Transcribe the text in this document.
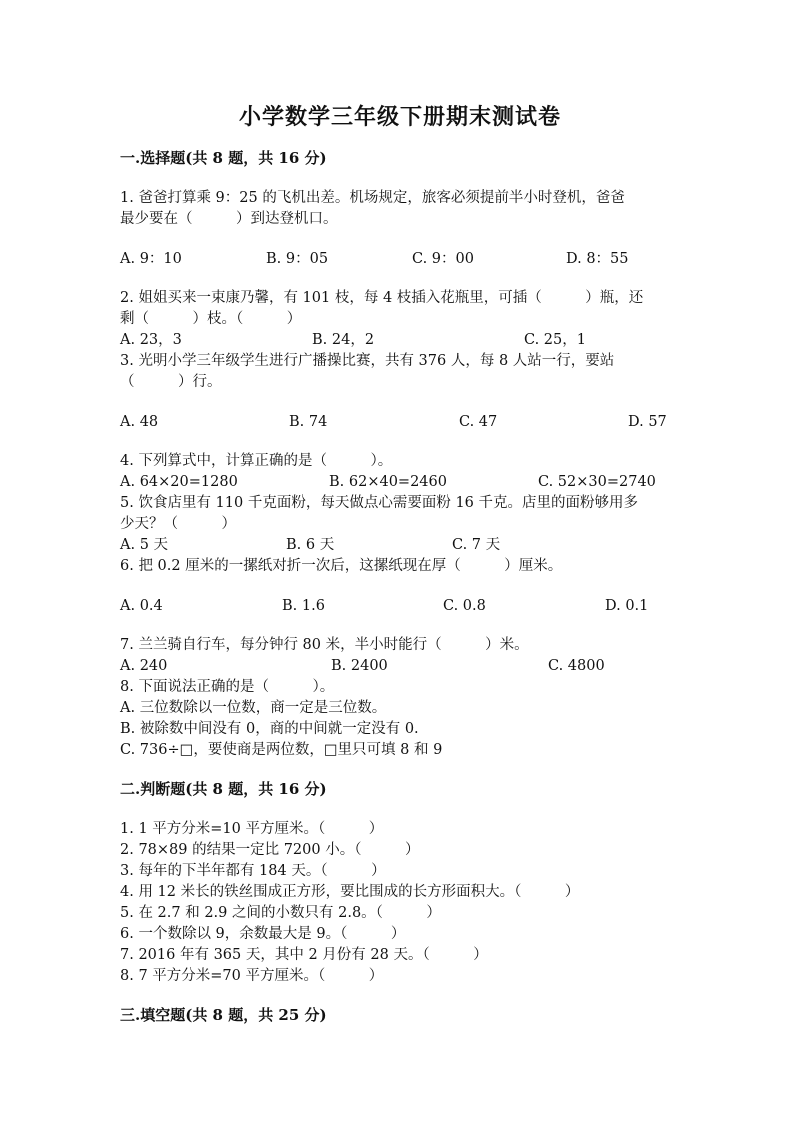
小学数学三年级下册期末测试卷
一.选择题(共 8 题，共 16 分)
1. 爸爸打算乘 9：25 的飞机出差。机场规定，旅客必须提前半小时登机，爸爸
最少要在（　　　）到达登机口。
A. 9：10	B. 9：05	C. 9：00	D. 8：55
2. 姐姐买来一束康乃馨，有 101 枝，每 4 枝插入花瓶里，可插（　　　）瓶，还
剩（　　　）枝。（　　　）
A. 23，3	B. 24，2	C. 25，1
3. 光明小学三年级学生进行广播操比赛，共有 376 人，每 8 人站一行，要站
（　　　）行。
A. 48	B. 74	C. 47	D. 57
4. 下列算式中，计算正确的是（　　　）。
A. 64×20=1280	B. 62×40=2460	C. 52×30=2740
5. 饮食店里有 110 千克面粉，每天做点心需要面粉 16 千克。店里的面粉够用多
少天？（　　　）
A. 5 天	B. 6 天	C. 7 天
6. 把 0.2 厘米的一摞纸对折一次后，这摞纸现在厚（　　　）厘米。
A. 0.4	B. 1.6	C. 0.8	D. 0.1
7. 兰兰骑自行车，每分钟行 80 米，半小时能行（　　　）米。
A. 240	B. 2400	C. 4800
8. 下面说法正确的是（　　　）。
A. 三位数除以一位数，商一定是三位数。
B. 被除数中间没有 0，商的中间就一定没有 0.
C. 736÷□，要使商是两位数，□里只可填 8 和 9
二.判断题(共 8 题，共 16 分)
1. 1 平方分米=10 平方厘米。（　　　）
2. 78×89 的结果一定比 7200 小。（　　　）
3. 每年的下半年都有 184 天。（　　　）
4. 用 12 米长的铁丝围成正方形，要比围成的长方形面积大。（　　　）
5. 在 2.7 和 2.9 之间的小数只有 2.8。（　　　）
6. 一个数除以 9，余数最大是 9。（　　　）
7. 2016 年有 365 天，其中 2 月份有 28 天。（　　　）
8. 7 平方分米=70 平方厘米。（　　　）
三.填空题(共 8 题，共 25 分)
